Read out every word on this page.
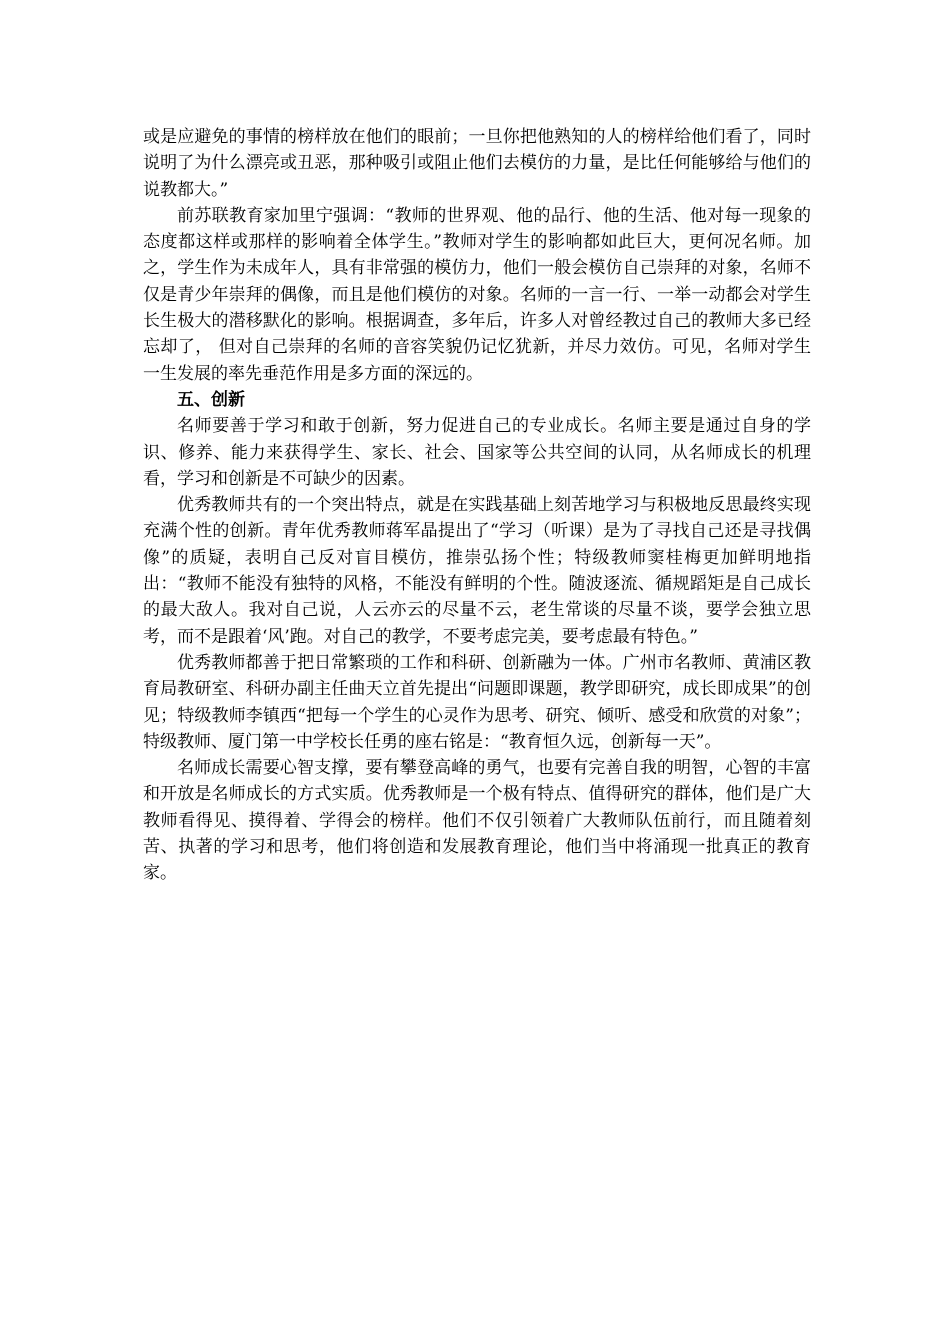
或是应避免的事情的榜样放在他们的眼前；一旦你把他熟知的人的榜样给他们看了，同时说明了为什么漂亮或丑恶，那种吸引或阻止他们去模仿的力量，是比任何能够给与他们的说教都大。”

前苏联教育家加里宁强调：“教师的世界观、他的品行、他的生活、他对每一现象的态度都这样或那样的影响着全体学生。”教师对学生的影响都如此巨大，更何况名师。加之，学生作为未成年人，具有非常强的模仿力，他们一般会模仿自己崇拜的对象，名师不仅是青少年崇拜的偶像，而且是他们模仿的对象。名师的一言一行、一举一动都会对学生长生极大的潜移默化的影响。根据调查，多年后，许多人对曾经教过自己的教师大多已经忘却了， 但对自己崇拜的名师的音容笑貌仍记忆犹新，并尽力效仿。可见，名师对学生一生发展的率先垂范作用是多方面的深远的。

五、创新

名师要善于学习和敢于创新，努力促进自己的专业成长。名师主要是通过自身的学识、修养、能力来获得学生、家长、社会、国家等公共空间的认同，从名师成长的机理看，学习和创新是不可缺少的因素。

优秀教师共有的一个突出特点，就是在实践基础上刻苦地学习与积极地反思最终实现充满个性的创新。青年优秀教师蒋军晶提出了“学习（听课）是为了寻找自己还是寻找偶像”的质疑，表明自己反对盲目模仿，推崇弘扬个性；特级教师窦桂梅更加鲜明地指出：“教师不能没有独特的风格，不能没有鲜明的个性。随波逐流、循规蹈矩是自己成长的最大敌人。我对自己说，人云亦云的尽量不云，老生常谈的尽量不谈，要学会独立思考，而不是跟着‘风’跑。对自己的教学，不要考虑完美，要考虑最有特色。”

优秀教师都善于把日常繁琐的工作和科研、创新融为一体。广州市名教师、黄浦区教育局教研室、科研办副主任曲天立首先提出“问题即课题，教学即研究，成长即成果”的创见；特级教师李镇西“把每一个学生的心灵作为思考、研究、倾听、感受和欣赏的对象”；特级教师、厦门第一中学校长任勇的座右铭是：“教育恒久远，创新每一天”。

名师成长需要心智支撑，要有攀登高峰的勇气，也要有完善自我的明智，心智的丰富和开放是名师成长的方式实质。优秀教师是一个极有特点、值得研究的群体，他们是广大教师看得见、摸得着、学得会的榜样。他们不仅引领着广大教师队伍前行，而且随着刻苦、执著的学习和思考，他们将创造和发展教育理论，他们当中将涌现一批真正的教育家。
